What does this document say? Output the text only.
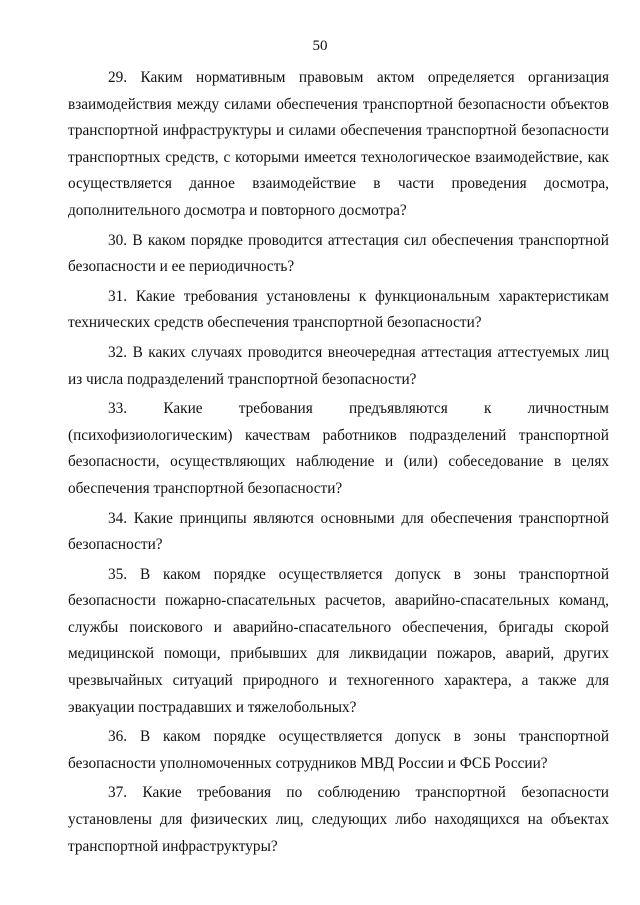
50

29. Каким нормативным правовым актом определяется организация взаимодействия между силами обеспечения транспортной безопасности объектов транспортной инфраструктуры и силами обеспечения транспортной безопасности транспортных средств, с которыми имеется технологическое взаимодействие, как осуществляется данное взаимодействие в части проведения досмотра, дополнительного досмотра и повторного досмотра?

30. В каком порядке проводится аттестация сил обеспечения транспортной безопасности и ее периодичность?

31. Какие требования установлены к функциональным характеристикам технических средств обеспечения транспортной безопасности?

32. В каких случаях проводится внеочередная аттестация аттестуемых лиц из числа подразделений транспортной безопасности?

33. Какие требования предъявляются к личностным (психофизиологическим) качествам работников подразделений транспортной безопасности, осуществляющих наблюдение и (или) собеседование в целях обеспечения транспортной безопасности?

34. Какие принципы являются основными для обеспечения транспортной безопасности?

35. В каком порядке осуществляется допуск в зоны транспортной безопасности пожарно-спасательных расчетов, аварийно-спасательных команд, службы поискового и аварийно-спасательного обеспечения, бригады скорой медицинской помощи, прибывших для ликвидации пожаров, аварий, других чрезвычайных ситуаций природного и техногенного характера, а также для эвакуации пострадавших и тяжелобольных?

36. В каком порядке осуществляется допуск в зоны транспортной безопасности уполномоченных сотрудников МВД России и ФСБ России?

37. Какие требования по соблюдению транспортной безопасности установлены для физических лиц, следующих либо находящихся на объектах транспортной инфраструктуры?
